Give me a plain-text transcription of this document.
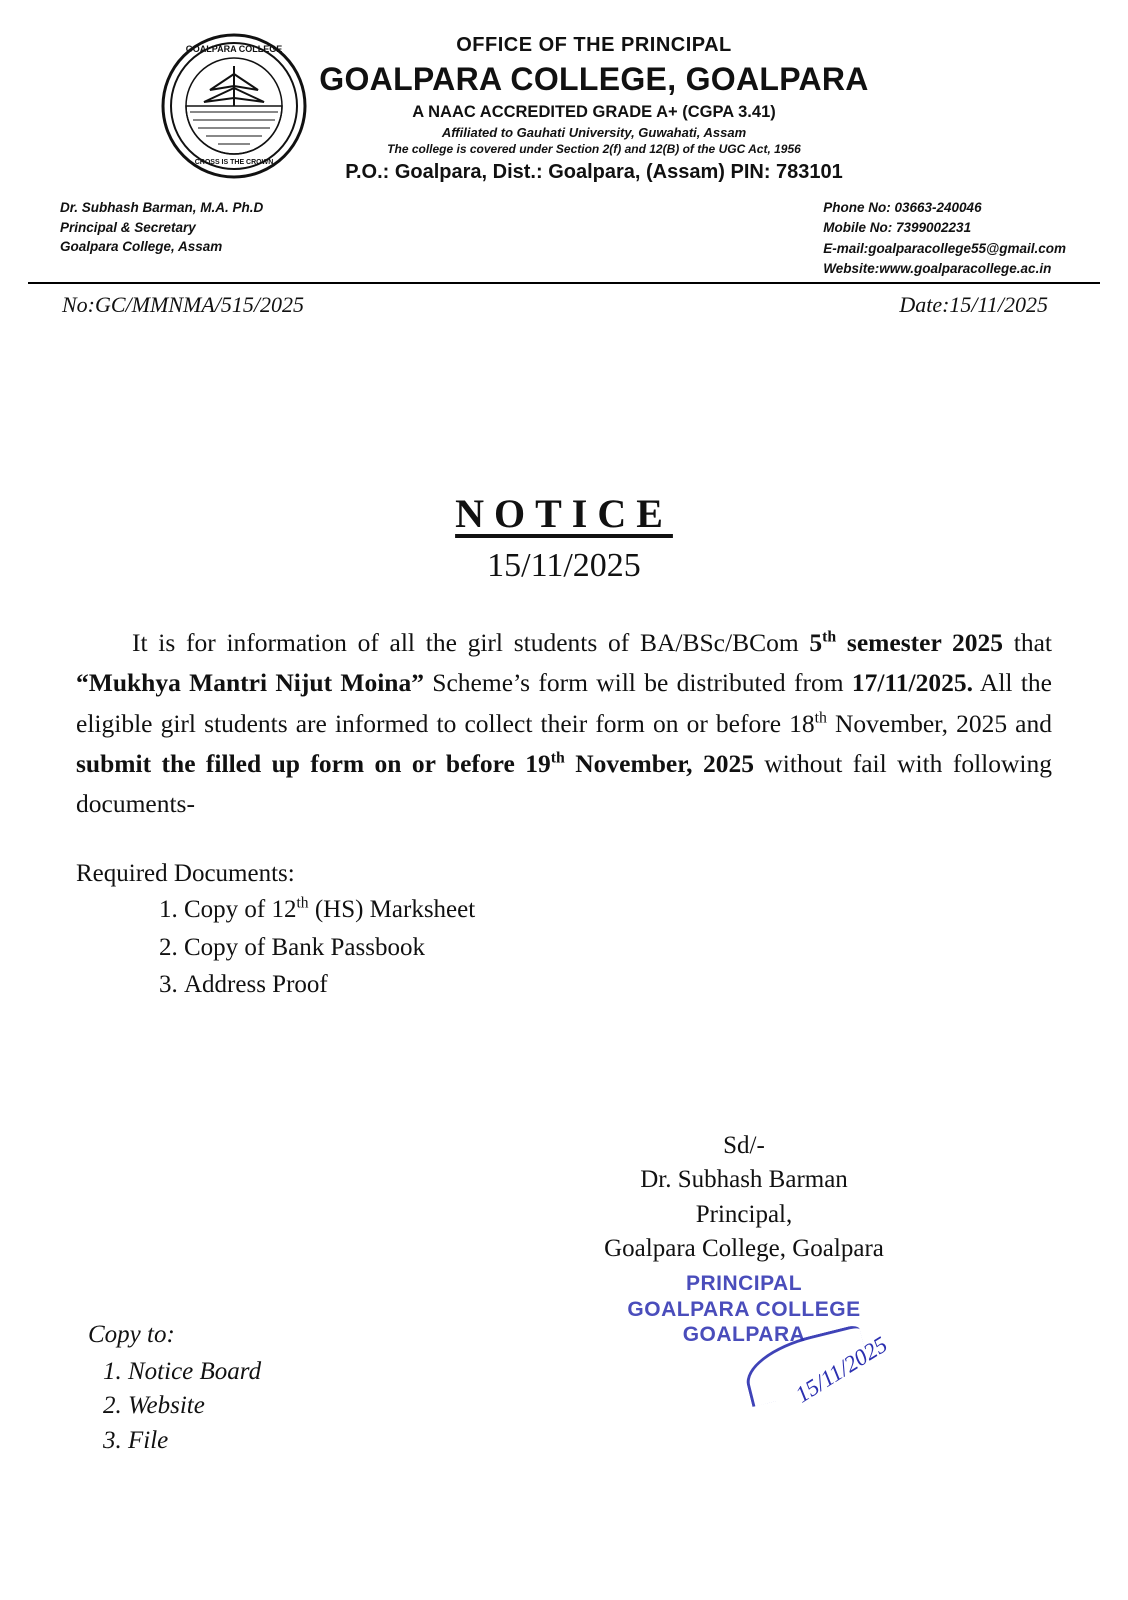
GOALPARA COLLEGE
CROSS IS THE CROWN
OFFICE OF THE PRINCIPAL
GOALPARA COLLEGE, GOALPARA
A NAAC ACCREDITED GRADE A+ (CGPA 3.41)
Affiliated to Gauhati University, Guwahati, Assam
The college is covered under Section 2(f) and 12(B) of the UGC Act, 1956
P.O.: Goalpara, Dist.: Goalpara, (Assam) PIN: 783101
Dr. Subhash Barman, M.A. Ph.D
Principal & Secretary
Goalpara College, Assam
Phone No: 03663-240046
Mobile No: 7399002231
E-mail:goalparacollege55@gmail.com
Website:www.goalparacollege.ac.in
No:GC/MMNMA/515/2025	Date:15/11/2025
NOTICE
15/11/2025

It is for information of all the girl students of BA/BSc/BCom 5th semester 2025 that “Mukhya Mantri Nijut Moina” Scheme’s form will be distributed from 17/11/2025. All the eligible girl students are informed to collect their form on or before 18th November, 2025 and submit the filled up form on or before 19th November, 2025 without fail with following documents-

Required Documents:
1. Copy of 12th (HS) Marksheet
2. Copy of Bank Passbook
3. Address Proof
Sd/-
Dr. Subhash Barman
Principal,
Goalpara College, Goalpara
PRINCIPAL
GOALPARA COLLEGE
GOALPARA
15/11/2025
Copy to:
1. Notice Board
2. Website
3. File
